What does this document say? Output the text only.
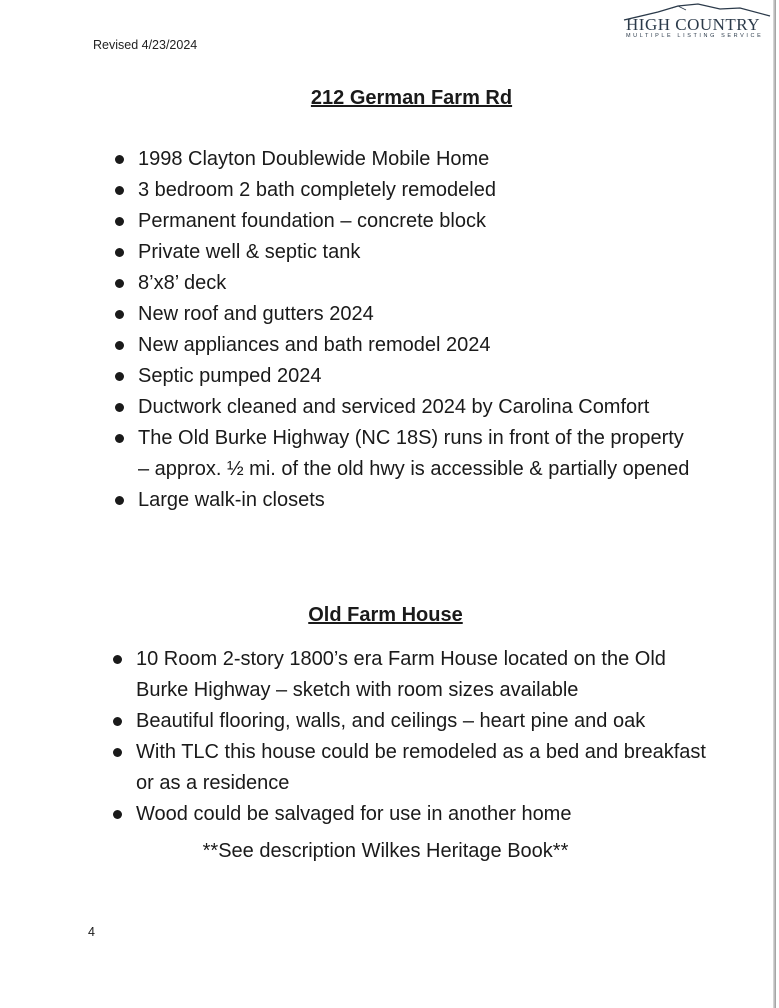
HIGH COUNTRY
MULTIPLE LISTING SERVICE
Revised 4/23/2024
212 German Farm Rd
1998 Clayton Doublewide Mobile Home
3 bedroom 2 bath completely remodeled
Permanent foundation – concrete block
Private well & septic tank
8’x8’ deck
New roof and gutters 2024
New appliances and bath remodel 2024
Septic pumped 2024
Ductwork cleaned and serviced 2024 by Carolina Comfort
The Old Burke Highway (NC 18S) runs in front of the property – approx. ½ mi. of the old hwy is accessible & partially opened
Large walk-in closets
Old Farm House
10 Room 2-story 1800’s era Farm House located on the Old Burke Highway – sketch with room sizes available
Beautiful flooring, walls, and ceilings – heart pine and oak
With TLC this house could be remodeled as a bed and breakfast or as a residence
Wood could be salvaged for use in another home
**See description Wilkes Heritage Book**
4
